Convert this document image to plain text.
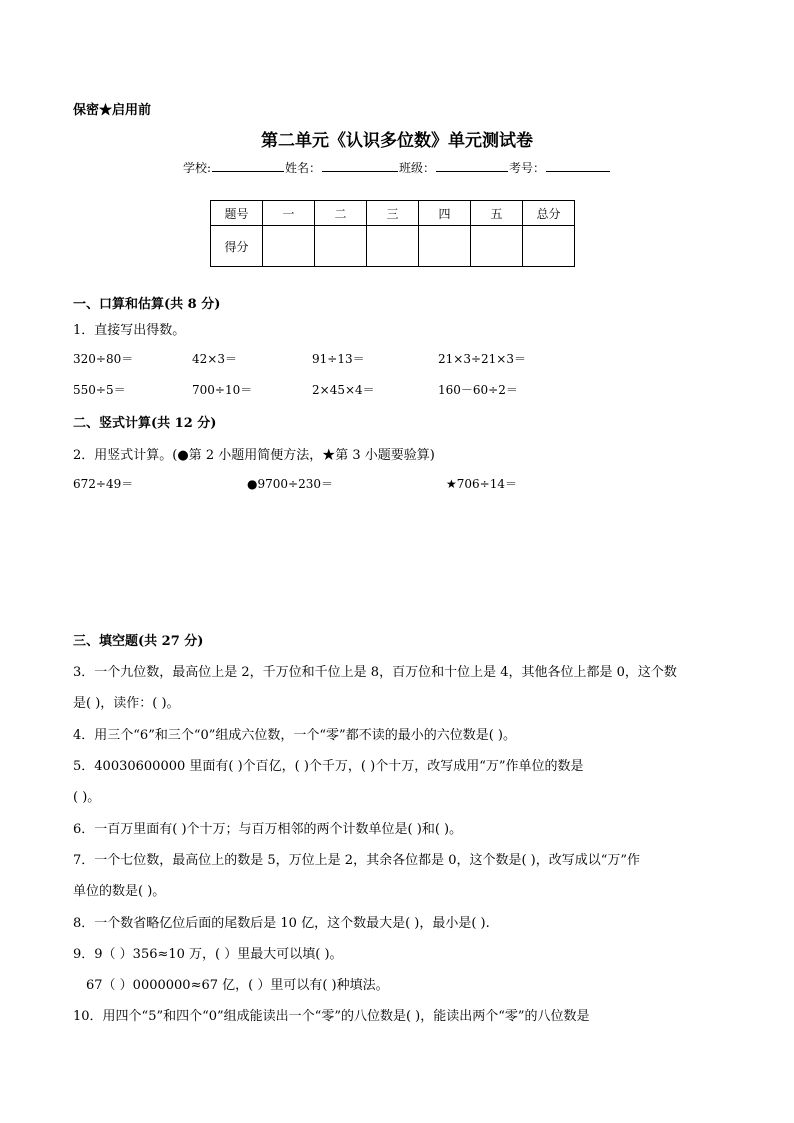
保密★启用前
第二单元《认识多位数》单元测试卷
学校:	姓名：	班级：	考号：
题号	一	二	三	四	五	总分
得分						
一、口算和估算(共 8 分)
1．直接写出得数。
320÷80＝	42×3＝	91÷13＝	21×3÷21×3＝
550÷5＝	700÷10＝	2×45×4＝	160－60÷2＝
二、竖式计算(共 12 分)
2．用竖式计算。(●第 2 小题用简便方法，★第 3 小题要验算)
672÷49＝	●9700÷230＝	★706÷14＝
三、填空题(共 27 分)
3．一个九位数，最高位上是 2，千万位和千位上是 8，百万位和十位上是 4，其他各位上都是 0，这个数
是( )，读作：( )。
4．用三个“6”和三个“0”组成六位数，一个“零”都不读的最小的六位数是( )。
5．40030600000 里面有( )个百亿，( )个千万，( )个十万，改写成用“万”作单位的数是
( )。
6．一百万里面有( )个十万；与百万相邻的两个计数单位是( )和( )。
7．一个七位数，最高位上的数是 5，万位上是 2，其余各位都是 0，这个数是( )，改写成以“万”作
单位的数是( )。
8．一个数省略亿位后面的尾数后是 10 亿，这个数最大是( )，最小是( ).
9．9（ ）356≈10 万，( ）里最大可以填( )。
67（ ）0000000≈67 亿，( ）里可以有( )种填法。
10．用四个“5”和四个“0”组成能读出一个“零”的八位数是( )，能读出两个“零”的八位数是
